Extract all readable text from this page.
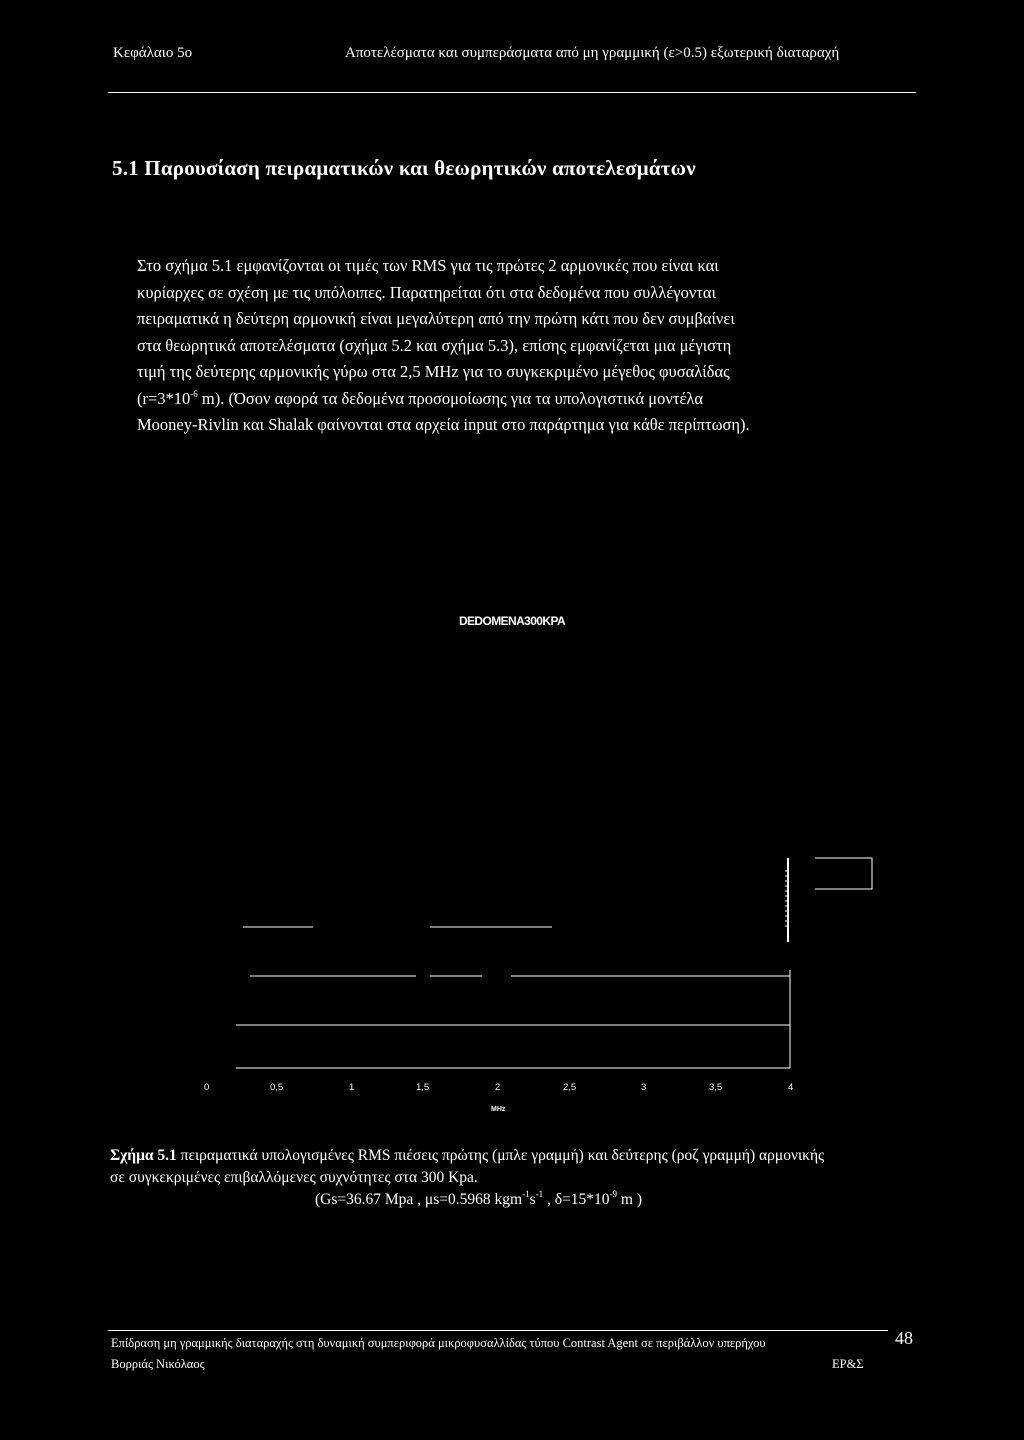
Κεφάλαιο 5ο	Αποτελέσματα και συμπεράσματα από μη γραμμική (ε>0.5) εξωτερική διαταραχή
5.1 Παρουσίαση πειραματικών και θεωρητικών αποτελεσμάτων
Στο σχήμα 5.1 εμφανίζονται οι τιμές των RMS για τις πρώτες 2 αρμονικές που είναι και
κυρίαρχες σε σχέση με τις υπόλοιπες. Παρατηρείται ότι στα δεδομένα που συλλέγονται
πειραματικά η δεύτερη αρμονική είναι μεγαλύτερη από την πρώτη κάτι που δεν συμβαίνει
στα θεωρητικά αποτελέσματα (σχήμα 5.2 και σχήμα 5.3), επίσης εμφανίζεται μια μέγιστη
τιμή της δεύτερης αρμονικής γύρω στα 2,5 MHz για το συγκεκριμένο μέγεθος φυσαλίδας
($r=3*10^{-6}$ m). (Όσον αφορά τα δεδομένα προσομοίωσης για τα υπολογιστικά μοντέλα
Mooney-Rivlin και Shalak φαίνονται στα αρχεία input στο παράρτημα για κάθε περίπτωση).
DEDOMENA300KPA
0	0,5	1	1,5	2	2,5	3	3,5	4
MHz
Σχήμα 5.1 πειραματικά υπολογισμένες RMS πιέσεις πρώτης (μπλε γραμμή) και δεύτερης (ροζ γραμμή) αρμονικής
σε συγκεκριμένες επιβαλλόμενες συχνότητες στα 300 Kpa.
(Gs=36.67 Mpa , μs=0.5968 $kgm^{-1}s^{-1}$ , $\delta=15*10^{-9}$ m )
Επίδραση μη γραμμικής διαταραχής στη δυναμική συμπεριφορά μικροφυσαλλίδας τύπου Contrast Agent σε περιβάλλον υπερήχου
Βορριάς Νικόλαος	ΕΡ&Σ
48
